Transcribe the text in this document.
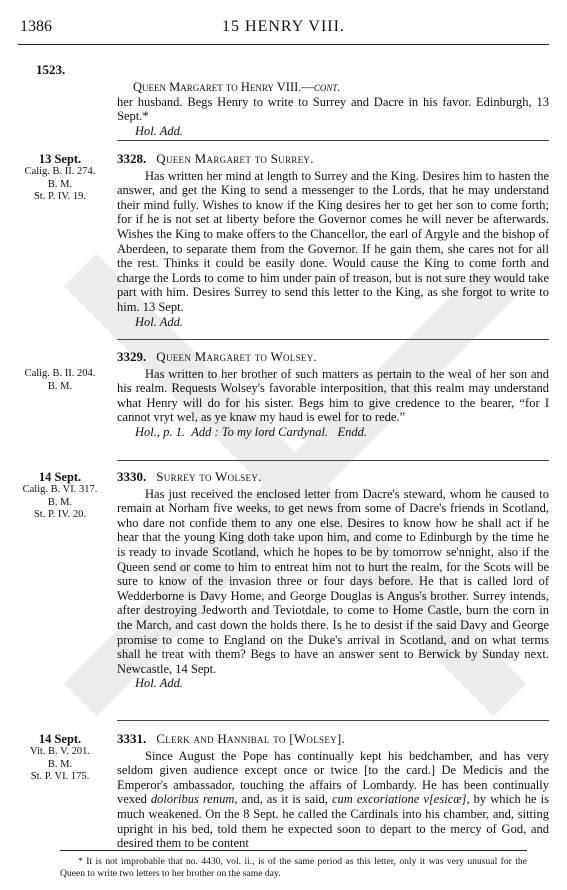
1386	15 HENRY VIII.
1523.
Queen Margaret to Henry VIII.—cont.

her husband. Begs Henry to write to Surrey and Dacre in his favor. Edinburgh, 13 Sept.*

Hol. Add.
13 Sept.
Calig. B. II. 274.
B. M.
St. P. IV. 19.
3328. Queen Margaret to Surrey.

Has written her mind at length to Surrey and the King. Desires him to hasten the answer, and get the King to send a messenger to the Lords, that he may understand their mind fully. Wishes to know if the King desires her to get her son to come forth; for if he is not set at liberty before the Governor comes he will never be afterwards. Wishes the King to make offers to the Chancellor, the earl of Argyle and the bishop of Aberdeen, to separate them from the Governor. If he gain them, she cares not for all the rest. Thinks it could be easily done. Would cause the King to come forth and charge the Lords to come to him under pain of treason, but is not sure they would take part with him. Desires Surrey to send this letter to the King, as she forgot to write to him. 13 Sept.

Hol. Add.
Calig. B. II. 204.
B. M.
3329. Queen Margaret to Wolsey.

Has written to her brother of such matters as pertain to the weal of her son and his realm. Requests Wolsey's favorable interposition, that this realm may understand what Henry will do for his sister. Begs him to give credence to the bearer, “for I cannot vryt wel, as ye knaw my haud is ewel for to rede.”

Hol., p. 1. Add : To my lord Cardynal. Endd.
14 Sept.
Calig. B. VI. 317.
B. M.
St. P. IV. 20.
3330. Surrey to Wolsey.

Has just received the enclosed letter from Dacre's steward, whom he caused to remain at Norham five weeks, to get news from some of Dacre's friends in Scotland, who dare not confide them to any one else. Desires to know how he shall act if he hear that the young King doth take upon him, and come to Edinburgh by the time he is ready to invade Scotland, which he hopes to be by tomorrow se'nnight, also if the Queen send or come to him to entreat him not to hurt the realm, for the Scots will be sure to know of the invasion three or four days before. He that is called lord of Wedderborne is Davy Home, and George Douglas is Angus's brother. Surrey intends, after destroying Jedworth and Teviotdale, to come to Home Castle, burn the corn in the March, and cast down the holds there. Is he to desist if the said Davy and George promise to come to England on the Duke's arrival in Scotland, and on what terms shall he treat with them? Begs to have an answer sent to Berwick by Sunday next. Newcastle, 14 Sept.

Hol. Add.
14 Sept.
Vit. B. V. 201.
B. M.
St. P. VI. 175.
3331. Clerk and Hannibal to [Wolsey].

Since August the Pope has continually kept his bedchamber, and has very seldom given audience except once or twice [to the card.] De Medicis and the Emperor's ambassador, touching the affairs of Lombardy. He has been continually vexed doloribus renum, and, as it is said, cum excoriatione v[esicæ], by which he is much weakened. On the 8 Sept. he called the Cardinals into his chamber, and, sitting upright in his bed, told them he expected soon to depart to the mercy of God, and desired them to be content

* It is not improbable that no. 4430, vol. ii., is of the same period as this letter, only it was very unusual for the Queen to write two letters to her brother on the same day.
